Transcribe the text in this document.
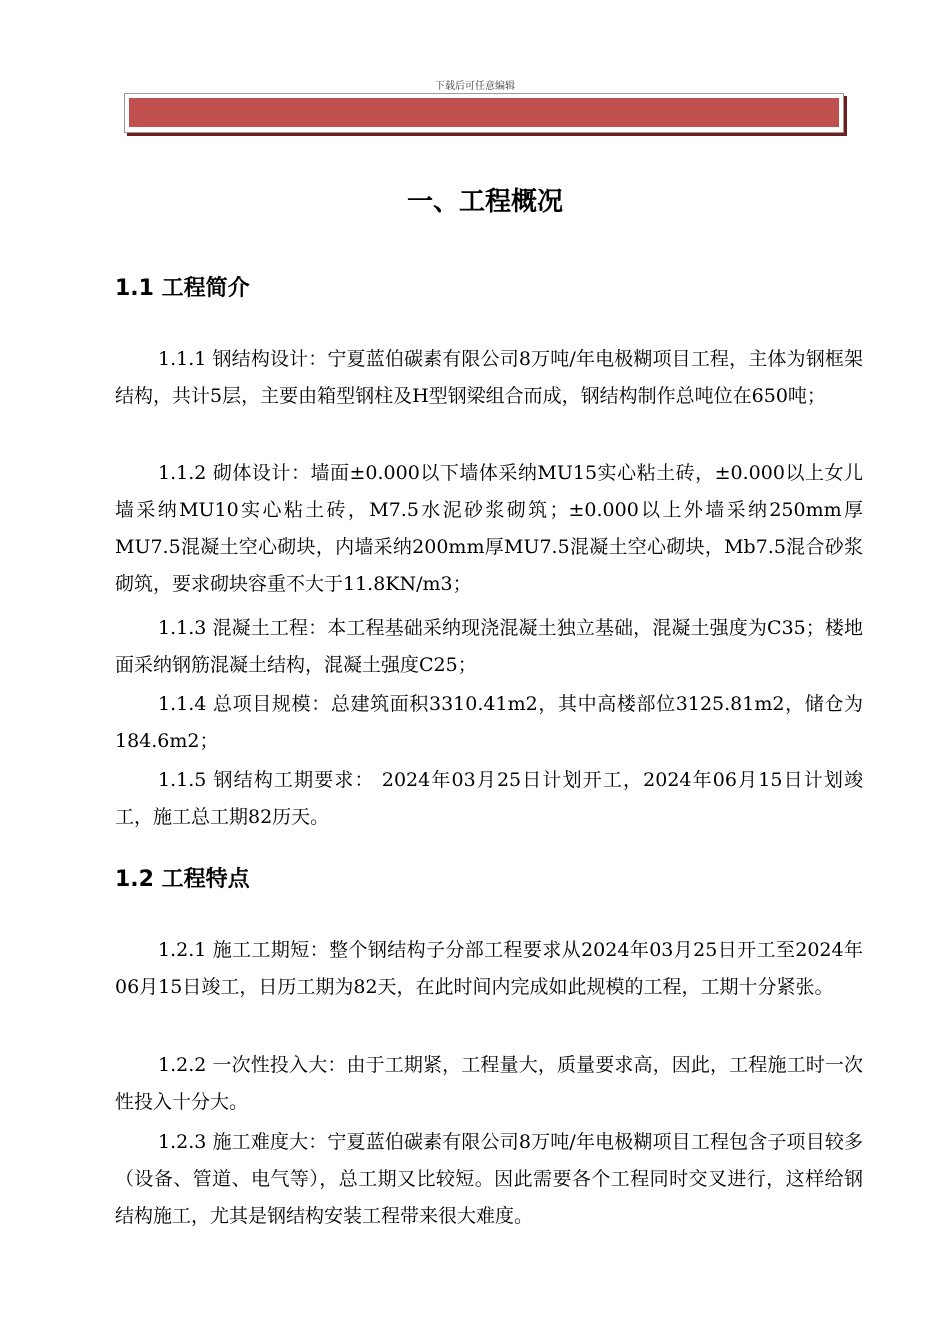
下载后可任意编辑
一、工程概况
1.1 工程简介

1.1.1 钢结构设计：宁夏蓝伯碳素有限公司8万吨/年电极糊项目工程，主体为钢框架结构，共计5层，主要由箱型钢柱及H型钢梁组合而成，钢结构制作总吨位在650吨；

1.1.2 砌体设计：墙面±0.000以下墙体采纳MU15实心粘土砖，±0.000以上女儿墙采纳MU10实心粘土砖，M7.5水泥砂浆砌筑；±0.000以上外墙采纳250mm厚MU7.5混凝土空心砌块，内墙采纳200mm厚MU7.5混凝土空心砌块，Mb7.5混合砂浆砌筑，要求砌块容重不大于11.8KN/m3；

1.1.3 混凝土工程：本工程基础采纳现浇混凝土独立基础，混凝土强度为C35；楼地面采纳钢筋混凝土结构，混凝土强度C25；

1.1.4 总项目规模：总建筑面积3310.41m2，其中高楼部位3125.81m2，储仓为184.6m2；

1.1.5 钢结构工期要求： 2024年03月25日计划开工，2024年06月15日计划竣工，施工总工期82历天。

1.2 工程特点

1.2.1 施工工期短：整个钢结构子分部工程要求从2024年03月25日开工至2024年06月15日竣工，日历工期为82天，在此时间内完成如此规模的工程，工期十分紧张。

1.2.2 一次性投入大：由于工期紧，工程量大，质量要求高，因此，工程施工时一次性投入十分大。

1.2.3 施工难度大：宁夏蓝伯碳素有限公司8万吨/年电极糊项目工程包含子项目较多（设备、管道、电气等），总工期又比较短。因此需要各个工程同时交叉进行，这样给钢结构施工，尤其是钢结构安装工程带来很大难度。
